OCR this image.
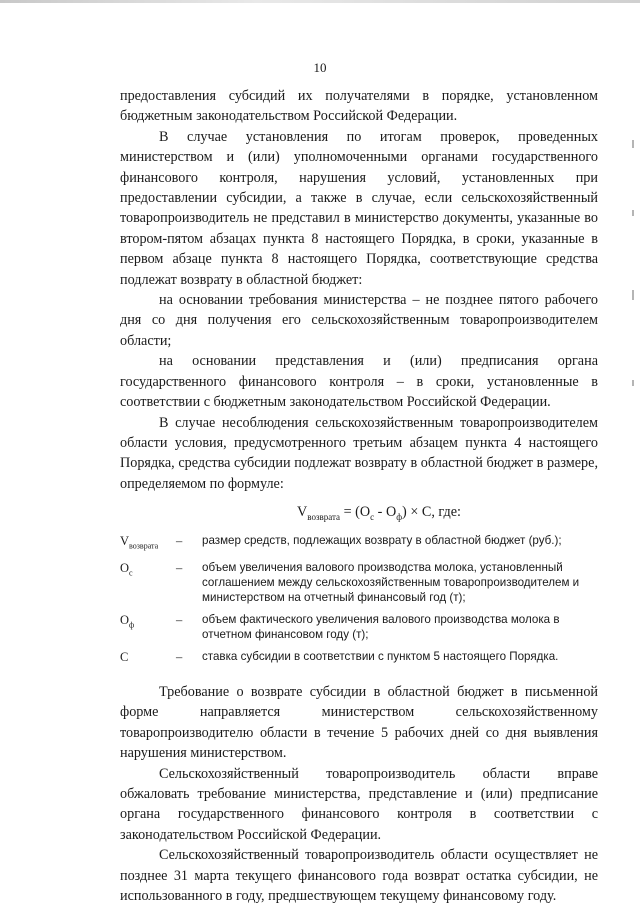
10

предоставления субсидий их получателями в порядке, установленном бюджетным законодательством Российской Федерации.

В случае установления по итогам проверок, проведенных министерством и (или) уполномоченными органами государственного финансового контроля, нарушения условий, установленных при предоставлении субсидии, а также в случае, если сельскохозяйственный товаропроизводитель не представил в министерство документы, указанные во втором-пятом абзацах пункта 8 настоящего Порядка, в сроки, указанные в первом абзаце пункта 8 настоящего Порядка, соответствующие средства подлежат возврату в областной бюджет:

на основании требования министерства – не позднее пятого рабочего дня со дня получения его сельскохозяйственным товаропроизводителем области;

на основании представления и (или) предписания органа государственного финансового контроля – в сроки, установленные в соответствии с бюджетным законодательством Российской Федерации.

В случае несоблюдения сельскохозяйственным товаропроизводителем области условия, предусмотренного третьим абзацем пункта 4 настоящего Порядка, средства субсидии подлежат возврату в областной бюджет в размере, определяемом по формуле:

$V_{возврата} = (O_с - O_ф) \times C$, где:
$V_{возврата}$	–	размер средств, подлежащих возврату в областной бюджет (руб.);
$O_с$	–	объем увеличения валового производства молока, установленный соглашением между сельскохозяйственным товаропроизводителем и министерством на отчетный финансовый год (т);
$O_ф$	–	объем фактического увеличения валового производства молока в отчетном финансовом году (т);
C	–	ставка субсидии в соответствии с пунктом 5 настоящего Порядка.

Требование о возврате субсидии в областной бюджет в письменной форме направляется министерством сельскохозяйственному товаропроизводителю области в течение 5 рабочих дней со дня выявления нарушения министерством.

Сельскохозяйственный товаропроизводитель области вправе обжаловать требование министерства, представление и (или) предписание органа государственного финансового контроля в соответствии с законодательством Российской Федерации.

Сельскохозяйственный товаропроизводитель области осуществляет не позднее 31 марта текущего финансового года возврат остатка субсидии, не использованного в году, предшествующем текущему финансовому году.
